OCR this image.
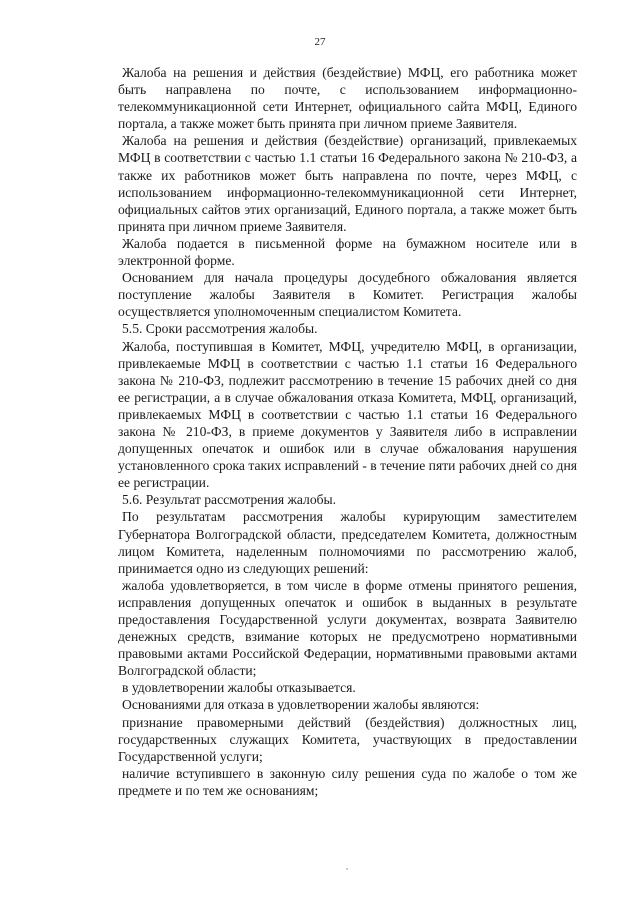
27

Жалоба на решения и действия (бездействие) МФЦ, его работника может быть направлена по почте, с использованием информационно-телекоммуникационной сети Интернет, официального сайта МФЦ, Единого портала, а также может быть принята при личном приеме Заявителя.

Жалоба на решения и действия (бездействие) организаций, привлекаемых МФЦ в соответствии с частью 1.1 статьи 16 Федерального закона № 210-ФЗ, а также их работников может быть направлена по почте, через МФЦ, с использованием информационно-телекоммуникационной сети Интернет, официальных сайтов этих организаций, Единого портала, а также может быть принята при личном приеме Заявителя.

Жалоба подается в письменной форме на бумажном носителе или в электронной форме.

Основанием для начала процедуры досудебного обжалования является поступление жалобы Заявителя в Комитет. Регистрация жалобы осуществляется уполномоченным специалистом Комитета.

5.5. Сроки рассмотрения жалобы.

Жалоба, поступившая в Комитет, МФЦ, учредителю МФЦ, в организации, привлекаемые МФЦ в соответствии с частью 1.1 статьи 16 Федерального закона № 210-ФЗ, подлежит рассмотрению в течение 15 рабочих дней со дня ее регистрации, а в случае обжалования отказа Комитета, МФЦ, организаций, привлекаемых МФЦ в соответствии с частью 1.1 статьи 16 Федерального закона № 210-ФЗ, в приеме документов у Заявителя либо в исправлении допущенных опечаток и ошибок или в случае обжалования нарушения установленного срока таких исправлений - в течение пяти рабочих дней со дня ее регистрации.

5.6. Результат рассмотрения жалобы.

По результатам рассмотрения жалобы курирующим заместителем Губернатора Волгоградской области, председателем Комитета, должностным лицом Комитета, наделенным полномочиями по рассмотрению жалоб, принимается одно из следующих решений:

жалоба удовлетворяется, в том числе в форме отмены принятого решения, исправления допущенных опечаток и ошибок в выданных в результате предоставления Государственной услуги документах, возврата Заявителю денежных средств, взимание которых не предусмотрено нормативными правовыми актами Российской Федерации, нормативными правовыми актами Волгоградской области;

в удовлетворении жалобы отказывается.

Основаниями для отказа в удовлетворении жалобы являются:

признание правомерными действий (бездействия) должностных лиц, государственных служащих Комитета, участвующих в предоставлении Государственной услуги;

наличие вступившего в законную силу решения суда по жалобе о том же предмете и по тем же основаниям;
